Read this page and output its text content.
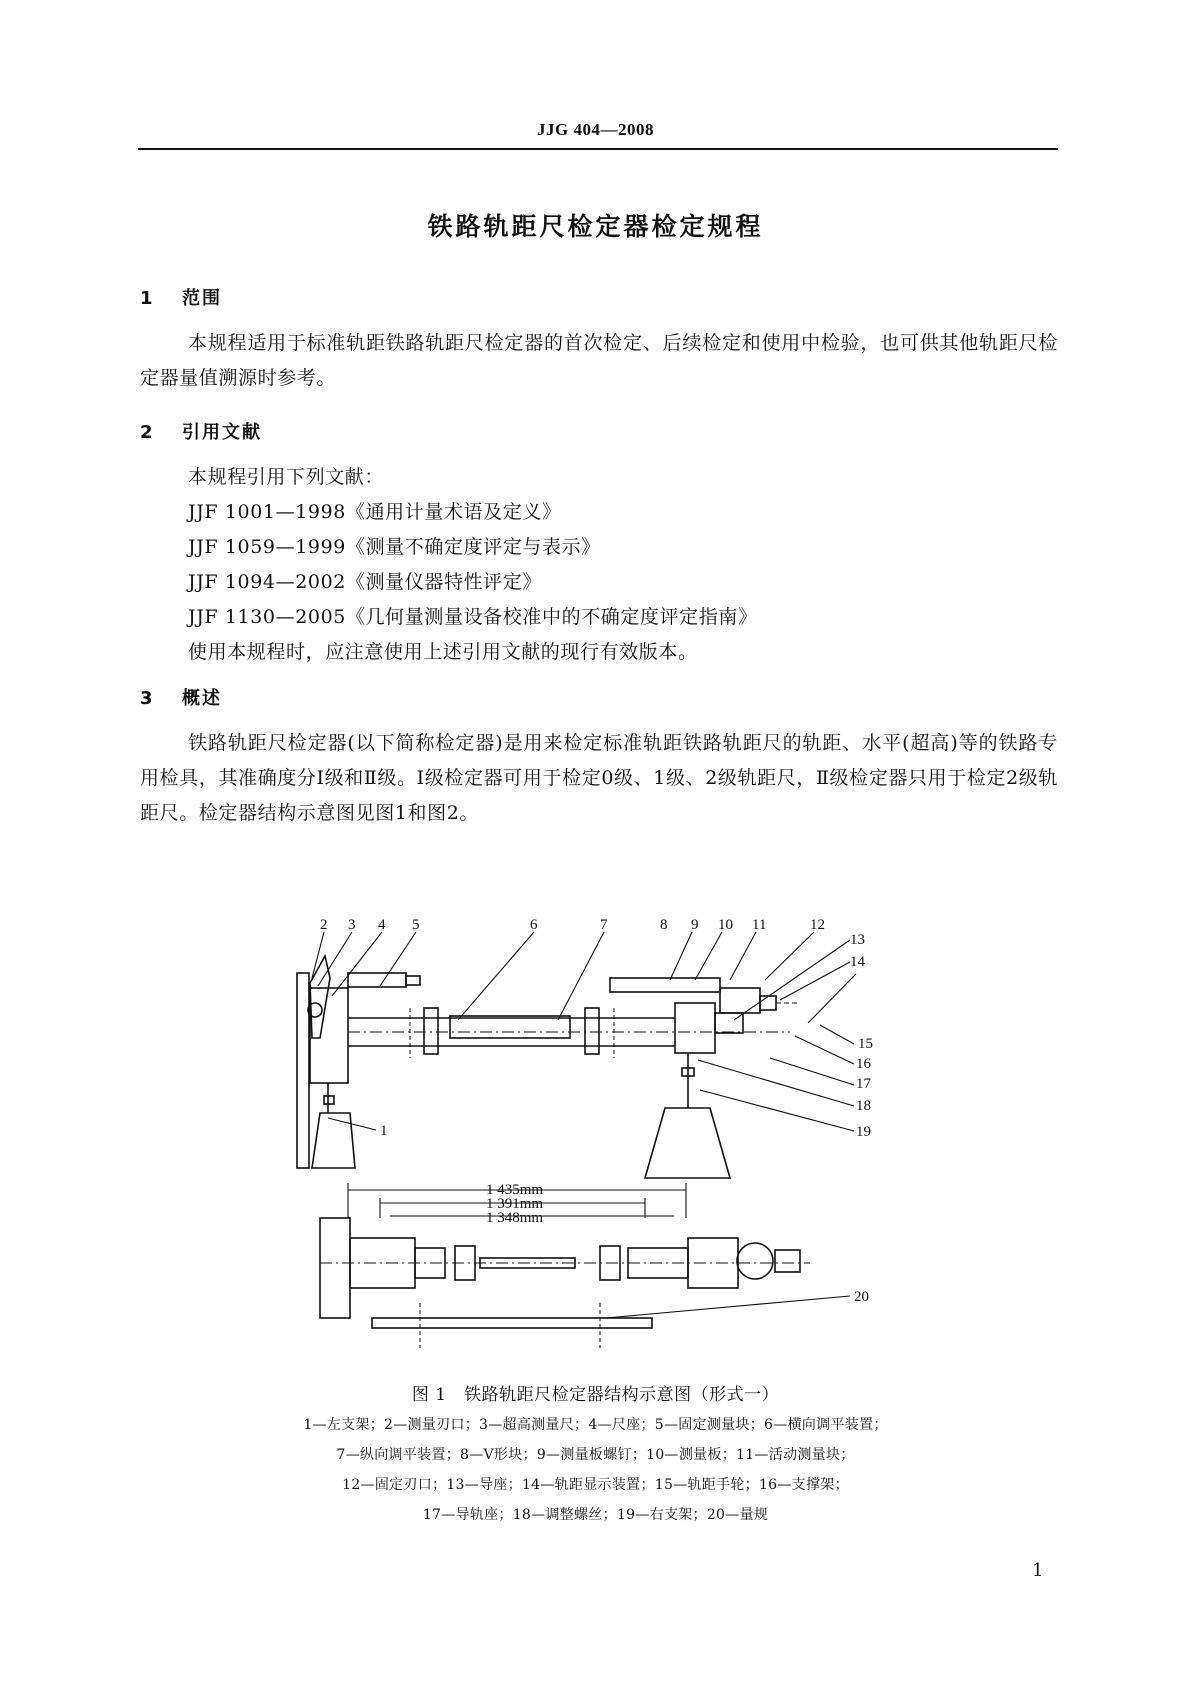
JJG 404—2008
铁路轨距尺检定器检定规程
1 范围
本规程适用于标准轨距铁路轨距尺检定器的首次检定、后续检定和使用中检验，也可供其他轨距尺检定器量值溯源时参考。
2 引用文献
本规程引用下列文献：
JJF 1001—1998《通用计量术语及定义》
JJF 1059—1999《测量不确定度评定与表示》
JJF 1094—2002《测量仪器特性评定》
JJF 1130—2005《几何量测量设备校准中的不确定度评定指南》
使用本规程时，应注意使用上述引用文献的现行有效版本。
3 概述
铁路轨距尺检定器(以下简称检定器)是用来检定标准轨距铁路轨距尺的轨距、水平(超高)等的铁路专用检具，其准确度分Ⅰ级和Ⅱ级。Ⅰ级检定器可用于检定0级、1级、2级轨距尺，Ⅱ级检定器只用于检定2级轨距尺。检定器结构示意图见图1和图2。
2 3 4 5	6	7	8 9 10 11	12
13
14
15
16
17
18
19
1
20
1 435mm
1 391mm
1 348mm
图 1　铁路轨距尺检定器结构示意图（形式一）
1—左支架；2—测量刃口；3—超高测量尺；4—尺座；5—固定测量块；6—横向调平装置；
7—纵向调平装置；8—V形块；9—测量板螺钉；10—测量板；11—活动测量块；
12—固定刃口；13—导座；14—轨距显示装置；15—轨距手轮；16—支撑架；
17—导轨座；18—调整螺丝；19—右支架；20—量规
1
